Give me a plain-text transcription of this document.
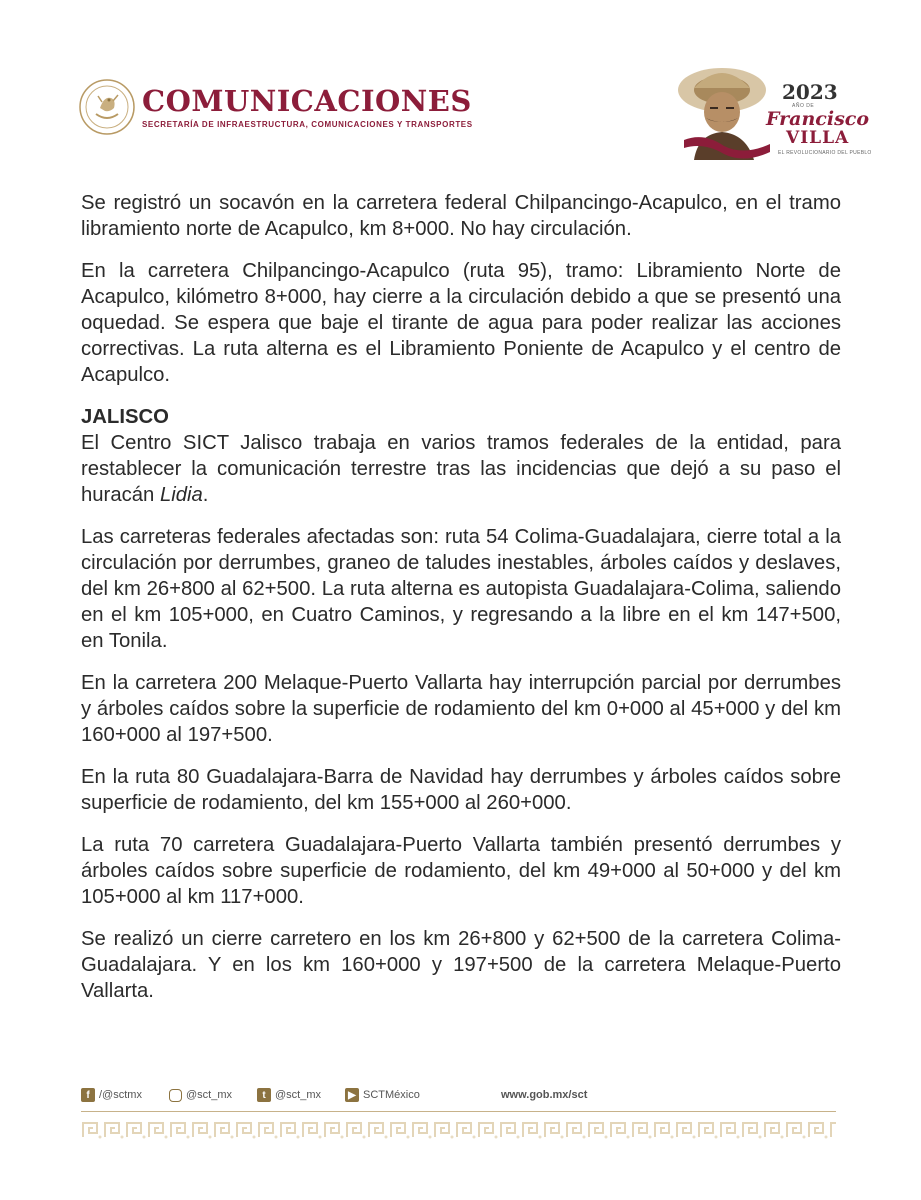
COMUNICACIONES
SECRETARÍA DE INFRAESTRUCTURA, COMUNICACIONES Y TRANSPORTES
2023
AÑO DE
Francisco
VILLA
EL REVOLUCIONARIO DEL PUEBLO

Se registró un socavón en la carretera federal Chilpancingo-Acapulco, en el tramo libramiento norte de Acapulco, km 8+000. No hay circulación.

En la carretera Chilpancingo-Acapulco (ruta 95), tramo: Libramiento Norte de Acapulco, kilómetro 8+000, hay cierre a la circulación debido a que se presentó una oquedad. Se espera que baje el tirante de agua para poder realizar las acciones correctivas. La ruta alterna es el Libramiento Poniente de Acapulco y el centro de Acapulco.

JALISCO

El Centro SICT Jalisco trabaja en varios tramos federales de la entidad, para restablecer la comunicación terrestre tras las incidencias que dejó a su paso el huracán Lidia.

Las carreteras federales afectadas son: ruta 54 Colima-Guadalajara, cierre total a la circulación por derrumbes, graneo de taludes inestables, árboles caídos y deslaves, del km 26+800 al 62+500. La ruta alterna es autopista Guadalajara-Colima, saliendo en el km 105+000, en Cuatro Caminos, y regresando a la libre en el km 147+500, en Tonila.

En la carretera 200 Melaque-Puerto Vallarta hay interrupción parcial por derrumbes y árboles caídos sobre la superficie de rodamiento del km 0+000 al 45+000 y del km 160+000 al 197+500.

En la ruta 80 Guadalajara-Barra de Navidad hay derrumbes y árboles caídos sobre superficie de rodamiento, del km 155+000 al 260+000.

La ruta 70 carretera Guadalajara-Puerto Vallarta también presentó derrumbes y árboles caídos sobre superficie de rodamiento, del km 49+000 al 50+000 y del km 105+000 al km 117+000.

Se realizó un cierre carretero en los km 26+800 y 62+500 de la carretera Colima-Guadalajara. Y en los km 160+000 y 197+500 de la carretera Melaque-Puerto Vallarta.

f /@sctmx	@sct_mx	t @sct_mx	▶ SCTMéxico	www.gob.mx/sct
